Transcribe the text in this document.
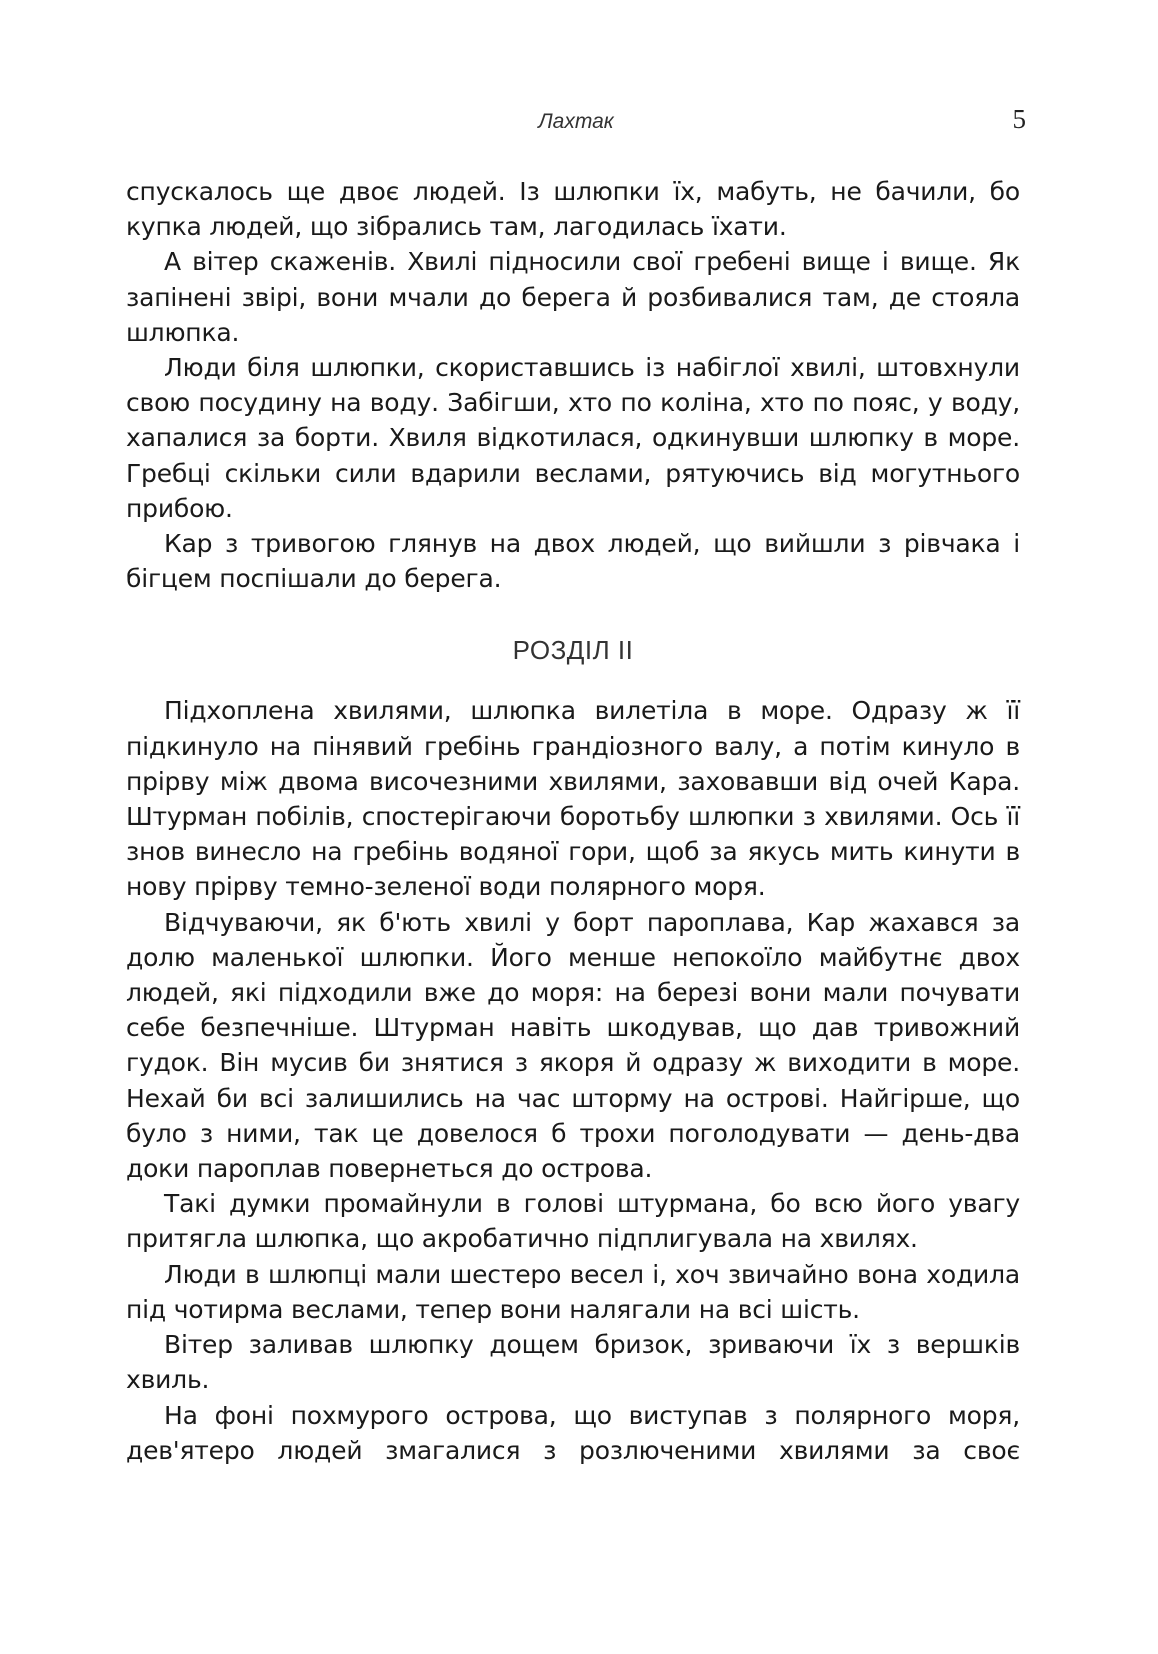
Лахтак	5

спускалось ще двоє людей. Із шлюпки їх, мабуть, не бачили, бо купка людей, що зібрались там, лагодилась їхати.

А вітер скаженів. Хвилі підносили свої гребені вище і вище. Як запінені звірі, вони мчали до берега й розбивалися там, де стояла шлюпка.

Люди біля шлюпки, скориставшись із набіглої хвилі, штовхнули свою посудину на воду. Забігши, хто по коліна, хто по пояс, у воду, хапалися за борти. Хвиля відкотилася, одкинувши шлюпку в море. Гребці скільки сили вдарили веслами, рятуючись від могутнього прибою.

Кар з тривогою глянув на двох людей, що вийшли з рівчака і бігцем поспішали до берега.

РОЗДІЛ II

Підхоплена хвилями, шлюпка вилетіла в море. Одразу ж її підкинуло на пінявий гребінь грандіозного валу, а потім кинуло в прірву між двома височезними хвилями, заховавши від очей Кара. Штурман побілів, спостерігаючи боротьбу шлюпки з хвилями. Ось її знов винесло на гребінь водяної гори, щоб за якусь мить кинути в нову прірву темно-зеленої води полярного моря.

Відчуваючи, як б'ють хвилі у борт пароплава, Кар жахався за долю маленької шлюпки. Його менше непокоїло майбутнє двох людей, які підходили вже до моря: на березі вони мали почувати себе безпечніше. Штурман навіть шкодував, що дав тривожний гудок. Він мусив би знятися з якоря й одразу ж виходити в море. Нехай би всі залишились на час шторму на острові. Найгірше, що було з ними, так це довелося б трохи поголодувати — день-два доки пароплав повернеться до острова.

Такі думки промайнули в голові штурмана, бо всю його увагу притягла шлюпка, що акробатично підплигувала на хвилях.

Люди в шлюпці мали шестеро весел і, хоч звичайно вона ходила під чотирма веслами, тепер вони налягали на всі шість.

Вітер заливав шлюпку дощем бризок, зриваючи їх з вершків хвиль.

На фоні похмурого острова, що виступав з полярного моря, дев'ятеро людей змагалися з розлюченими хвилями за своє
